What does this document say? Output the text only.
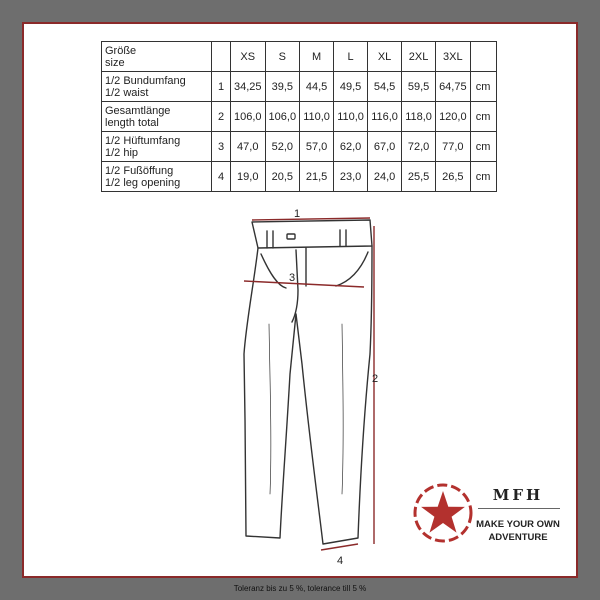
Größe
size		XS	S	M	L	XL	2XL	3XL	
1/2 Bundumfang
1/2 waist	1	34,25	39,5	44,5	49,5	54,5	59,5	64,75	cm
Gesamtlänge
length total	2	106,0	106,0	110,0	110,0	116,0	118,0	120,0	cm
1/2 Hüftumfang
1/2 hip	3	47,0	52,0	57,0	62,0	67,0	72,0	77,0	cm
1/2 Fußöffung
1/2 leg opening	4	19,0	20,5	21,5	23,0	24,0	25,5	26,5	cm
1
3
2
4
MFH
MAKE YOUR OWN
ADVENTURE
Toleranz bis zu 5 %, tolerance till 5 %
